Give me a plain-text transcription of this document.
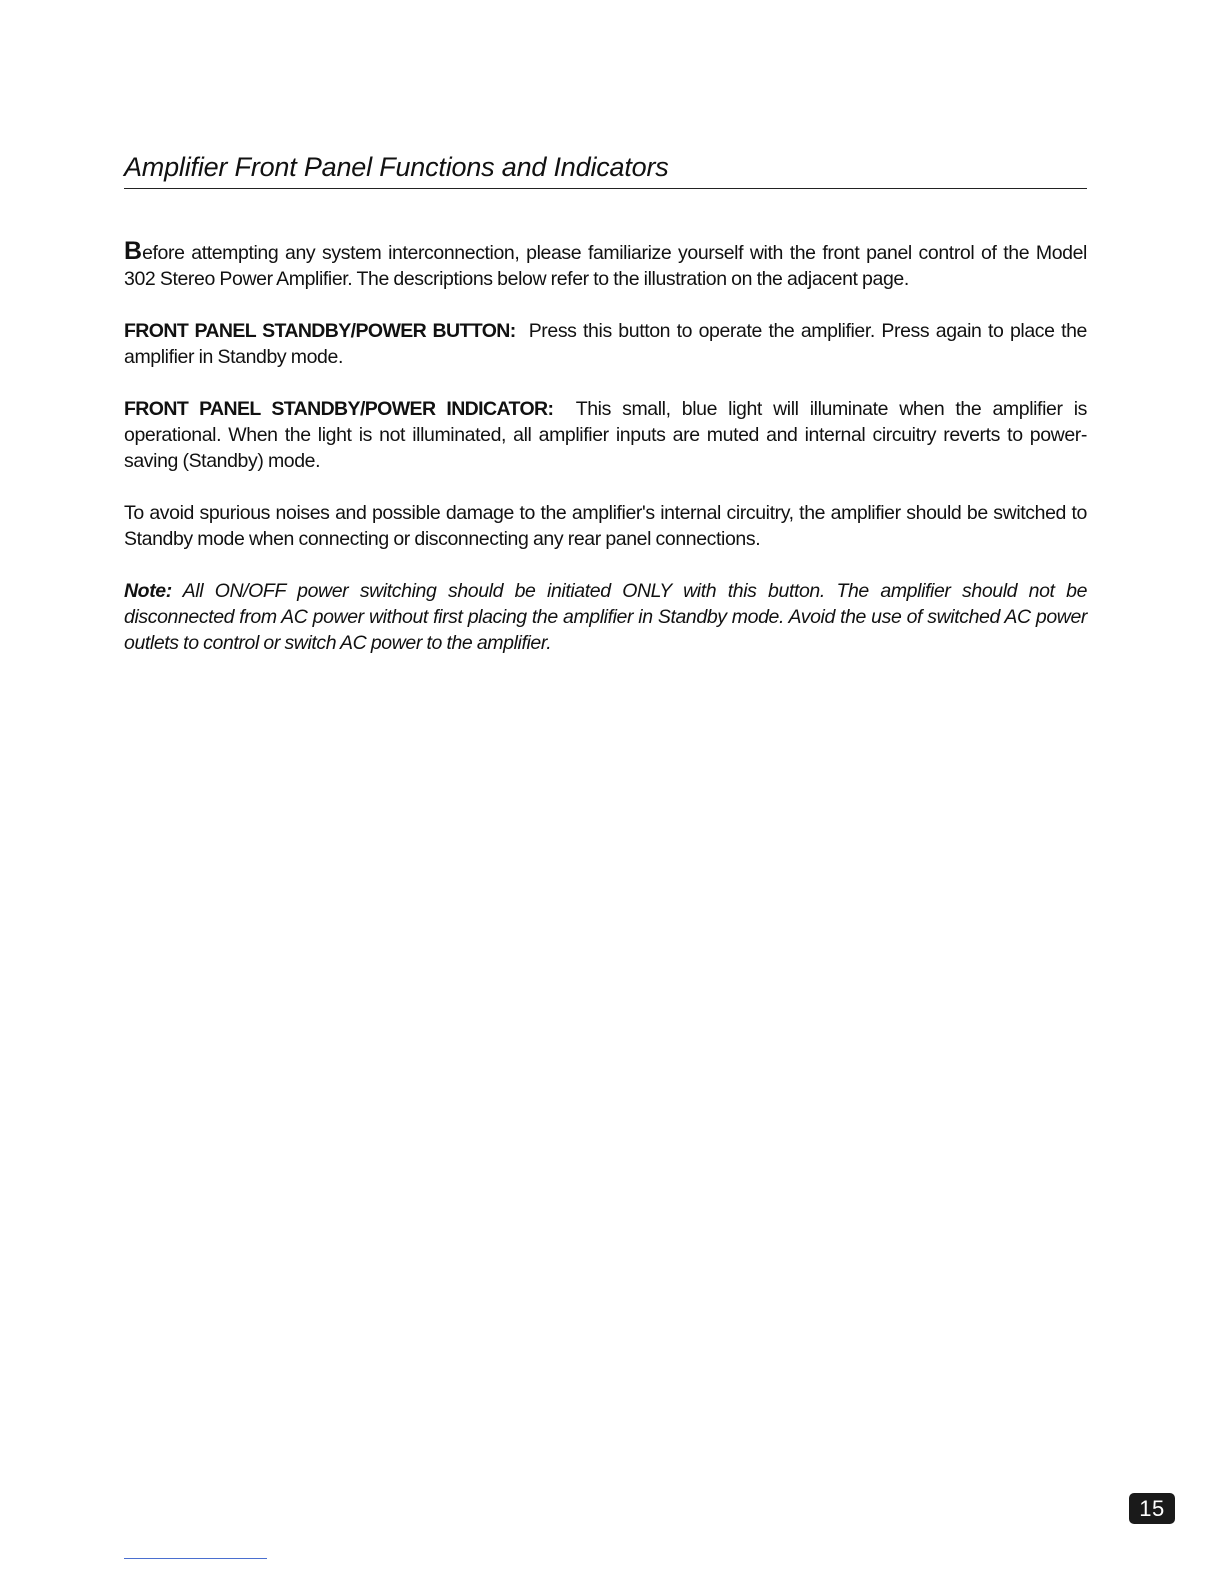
Amplifier Front Panel Functions and Indicators

Before attempting any system interconnection, please familiarize yourself with the front panel control of the Model 302 Stereo Power Amplifier. The descriptions below refer to the illustration on the adjacent page.

FRONT PANEL STANDBY/POWER BUTTON: Press this button to operate the amplifier. Press again to place the amplifier in Standby mode.

FRONT PANEL STANDBY/POWER INDICATOR: This small, blue light will illuminate when the amplifier is operational. When the light is not illuminated, all amplifier inputs are muted and internal circuitry reverts to power-saving (Standby) mode.

To avoid spurious noises and possible damage to the amplifier's internal circuitry, the amplifier should be switched to Standby mode when connecting or disconnecting any rear panel connections.

Note: All ON/OFF power switching should be initiated ONLY with this button. The amplifier should not be disconnected from AC power without first placing the amplifier in Standby mode. Avoid the use of switched AC power outlets to control or switch AC power to the amplifier.

15
